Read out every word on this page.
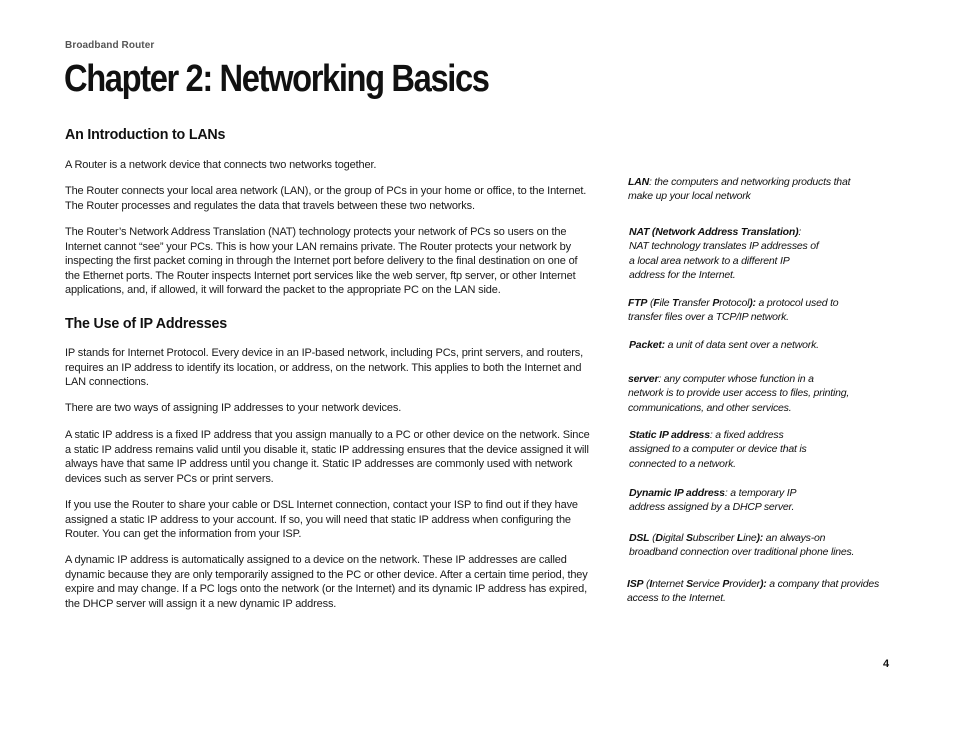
Broadband Router
Chapter 2: Networking Basics
An Introduction to LANs

A Router is a network device that connects two networks together.

The Router connects your local area network (LAN), or the group of PCs in your home or office, to the Internet. The Router processes and regulates the data that travels between these two networks.

The Router’s Network Address Translation (NAT) technology protects your network of PCs so users on the Internet cannot “see” your PCs. This is how your LAN remains private. The Router protects your network by inspecting the first packet coming in through the Internet port before delivery to the final destination on one of the Ethernet ports. The Router inspects Internet port services like the web server, ftp server, or other Internet applications, and, if allowed, it will forward the packet to the appropriate PC on the LAN side.

The Use of IP Addresses

IP stands for Internet Protocol. Every device in an IP-based network, including PCs, print servers, and routers, requires an IP address to identify its location, or address, on the network. This applies to both the Internet and LAN connections.

There are two ways of assigning IP addresses to your network devices.

A static IP address is a fixed IP address that you assign manually to a PC or other device on the network. Since a static IP address remains valid until you disable it, static IP addressing ensures that the device assigned it will always have that same IP address until you change it. Static IP addresses are commonly used with network devices such as server PCs or print servers.

If you use the Router to share your cable or DSL Internet connection, contact your ISP to find out if they have assigned a static IP address to your account. If so, you will need that static IP address when configuring the Router. You can get the information from your ISP.

A dynamic IP address is automatically assigned to a device on the network. These IP addresses are called dynamic because they are only temporarily assigned to the PC or other device. After a certain time period, they expire and may change. If a PC logs onto the network (or the Internet) and its dynamic IP address has expired, the DHCP server will assign it a new dynamic IP address.

LAN: the computers and networking products that make up your local network

NAT (Network Address Translation): NAT technology translates IP addresses of a local area network to a different IP address for the Internet.

FTP (File Transfer Protocol): a protocol used to transfer files over a TCP/IP network.

Packet: a unit of data sent over a network.

server: any computer whose function in a network is to provide user access to files, printing, communications, and other services.

Static IP address: a fixed address assigned to a computer or device that is connected to a network.

Dynamic IP address: a temporary IP address assigned by a DHCP server.

DSL (Digital Subscriber Line): an always-on broadband connection over traditional phone lines.

ISP (Internet Service Provider): a company that provides access to the Internet.

4
